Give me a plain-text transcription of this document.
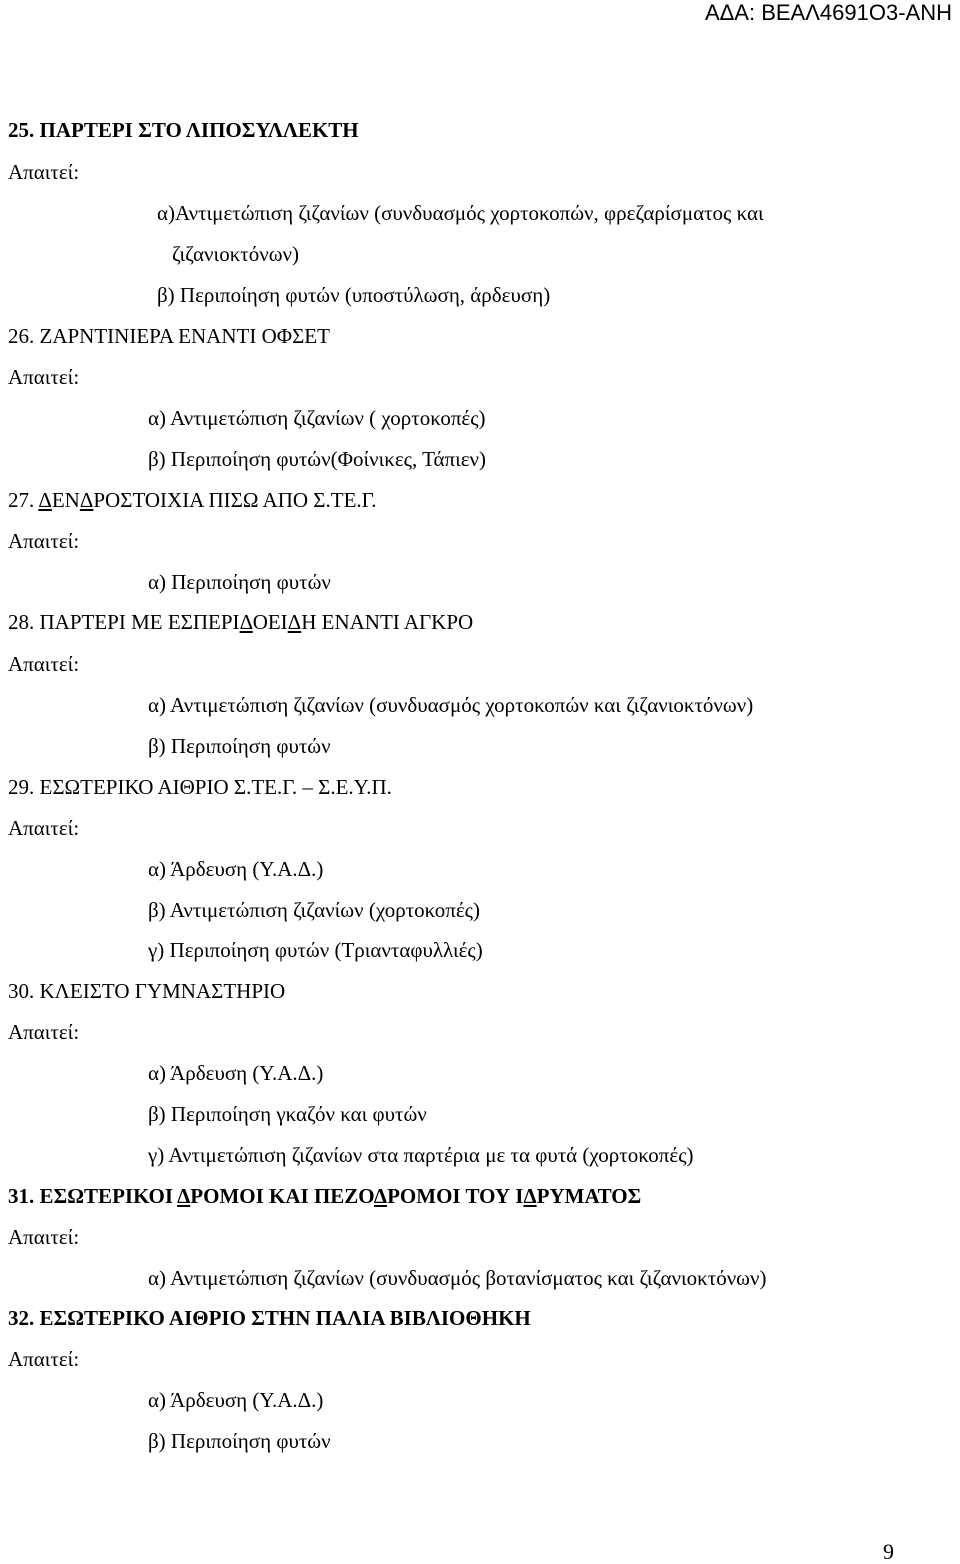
ΑΔΑ: ΒΕΑΛ4691Ο3-ΑΝΗ
25. ΠΑΡΤΕΡΙ ΣΤΟ ΛΙΠΟΣΥΛΛΕΚΤΗ
Απαιτεί:
α)Αντιμετώπιση ζιζανίων (συνδυασμός χορτοκοπών, φρεζαρίσματος και
ζιζανιοκτόνων)
β) Περιποίηση φυτών (υποστύλωση, άρδευση)
26. ΖΑΡΝΤΙΝΙΕΡΑ ΕΝΑΝΤΙ ΟΦΣΕΤ
Απαιτεί:
α) Αντιμετώπιση ζιζανίων ( χορτοκοπές)
β) Περιποίηση φυτών(Φοίνικες, Τάπιεν)
27. ΔΕΝΔΡΟΣΤΟΙΧΙΑ ΠΙΣΩ ΑΠΟ Σ.ΤΕ.Γ.
Απαιτεί:
α) Περιποίηση φυτών
28. ΠΑΡΤΕΡΙ ΜΕ ΕΣΠΕΡΙΔΟΕΙΔΗ ΕΝΑΝΤΙ ΑΓΚΡΟ
Απαιτεί:
α) Αντιμετώπιση ζιζανίων (συνδυασμός χορτοκοπών και ζιζανιοκτόνων)
β) Περιποίηση φυτών
29. ΕΣΩΤΕΡΙΚΟ ΑΙΘΡΙΟ Σ.ΤΕ.Γ. – Σ.Ε.Υ.Π.
Απαιτεί:
α) Άρδευση (Υ.Α.Δ.)
β) Αντιμετώπιση ζιζανίων (χορτοκοπές)
γ) Περιποίηση φυτών (Τριανταφυλλιές)
30. ΚΛΕΙΣΤΟ ΓΥΜΝΑΣΤΗΡΙΟ
Απαιτεί:
α) Άρδευση (Υ.Α.Δ.)
β) Περιποίηση γκαζόν και φυτών
γ) Αντιμετώπιση ζιζανίων στα παρτέρια με τα φυτά (χορτοκοπές)
31. ΕΣΩΤΕΡΙΚΟΙ ΔΡΟΜΟΙ ΚΑΙ ΠΕΖΟΔΡΟΜΟΙ ΤΟΥ ΙΔΡΥΜΑΤΟΣ
Απαιτεί:
α) Αντιμετώπιση ζιζανίων (συνδυασμός βοτανίσματος και ζιζανιοκτόνων)
32. ΕΣΩΤΕΡΙΚΟ ΑΙΘΡΙΟ ΣΤΗΝ ΠΑΛΙΑ ΒΙΒΛΙΟΘΗΚΗ
Απαιτεί:
α) Άρδευση (Υ.Α.Δ.)
β) Περιποίηση φυτών
9
